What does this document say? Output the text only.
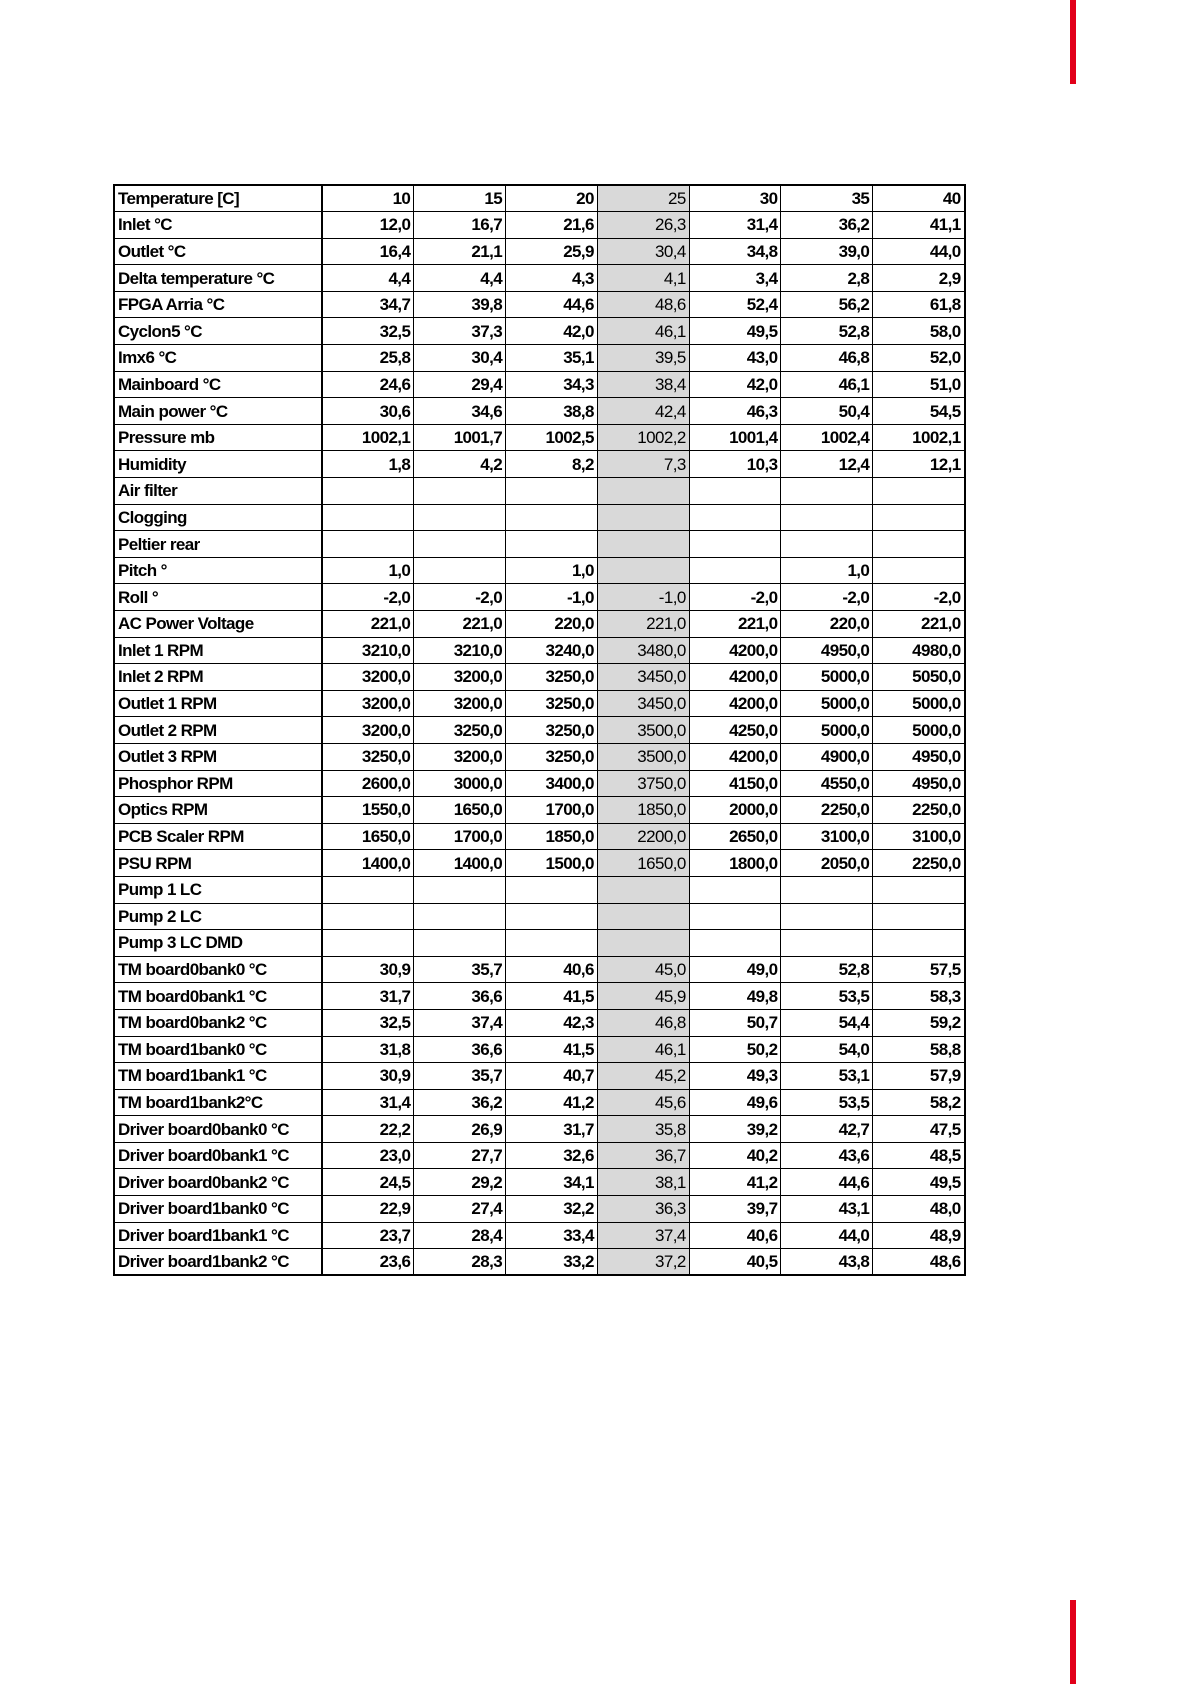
Temperature [C]	10	15	20	25	30	35	40
Inlet °C	12,0	16,7	21,6	26,3	31,4	36,2	41,1
Outlet °C	16,4	21,1	25,9	30,4	34,8	39,0	44,0
Delta temperature °C	4,4	4,4	4,3	4,1	3,4	2,8	2,9
FPGA Arria °C	34,7	39,8	44,6	48,6	52,4	56,2	61,8
Cyclon5 °C	32,5	37,3	42,0	46,1	49,5	52,8	58,0
Imx6 °C	25,8	30,4	35,1	39,5	43,0	46,8	52,0
Mainboard °C	24,6	29,4	34,3	38,4	42,0	46,1	51,0
Main power °C	30,6	34,6	38,8	42,4	46,3	50,4	54,5
Pressure mb	1002,1	1001,7	1002,5	1002,2	1001,4	1002,4	1002,1
Humidity	1,8	4,2	8,2	7,3	10,3	12,4	12,1
Air filter							
Clogging							
Peltier rear							
Pitch °	1,0		1,0			1,0	
Roll °	-2,0	-2,0	-1,0	-1,0	-2,0	-2,0	-2,0
AC Power Voltage	221,0	221,0	220,0	221,0	221,0	220,0	221,0
Inlet 1 RPM	3210,0	3210,0	3240,0	3480,0	4200,0	4950,0	4980,0
Inlet 2 RPM	3200,0	3200,0	3250,0	3450,0	4200,0	5000,0	5050,0
Outlet 1 RPM	3200,0	3200,0	3250,0	3450,0	4200,0	5000,0	5000,0
Outlet 2 RPM	3200,0	3250,0	3250,0	3500,0	4250,0	5000,0	5000,0
Outlet 3 RPM	3250,0	3200,0	3250,0	3500,0	4200,0	4900,0	4950,0
Phosphor RPM	2600,0	3000,0	3400,0	3750,0	4150,0	4550,0	4950,0
Optics RPM	1550,0	1650,0	1700,0	1850,0	2000,0	2250,0	2250,0
PCB Scaler RPM	1650,0	1700,0	1850,0	2200,0	2650,0	3100,0	3100,0
PSU RPM	1400,0	1400,0	1500,0	1650,0	1800,0	2050,0	2250,0
Pump 1 LC							
Pump 2 LC							
Pump 3 LC DMD							
TM board0bank0 °C	30,9	35,7	40,6	45,0	49,0	52,8	57,5
TM board0bank1 °C	31,7	36,6	41,5	45,9	49,8	53,5	58,3
TM board0bank2 °C	32,5	37,4	42,3	46,8	50,7	54,4	59,2
TM board1bank0 °C	31,8	36,6	41,5	46,1	50,2	54,0	58,8
TM board1bank1 °C	30,9	35,7	40,7	45,2	49,3	53,1	57,9
TM board1bank2°C	31,4	36,2	41,2	45,6	49,6	53,5	58,2
Driver board0bank0 °C	22,2	26,9	31,7	35,8	39,2	42,7	47,5
Driver board0bank1 °C	23,0	27,7	32,6	36,7	40,2	43,6	48,5
Driver board0bank2 °C	24,5	29,2	34,1	38,1	41,2	44,6	49,5
Driver board1bank0 °C	22,9	27,4	32,2	36,3	39,7	43,1	48,0
Driver board1bank1 °C	23,7	28,4	33,4	37,4	40,6	44,0	48,9
Driver board1bank2 °C	23,6	28,3	33,2	37,2	40,5	43,8	48,6
